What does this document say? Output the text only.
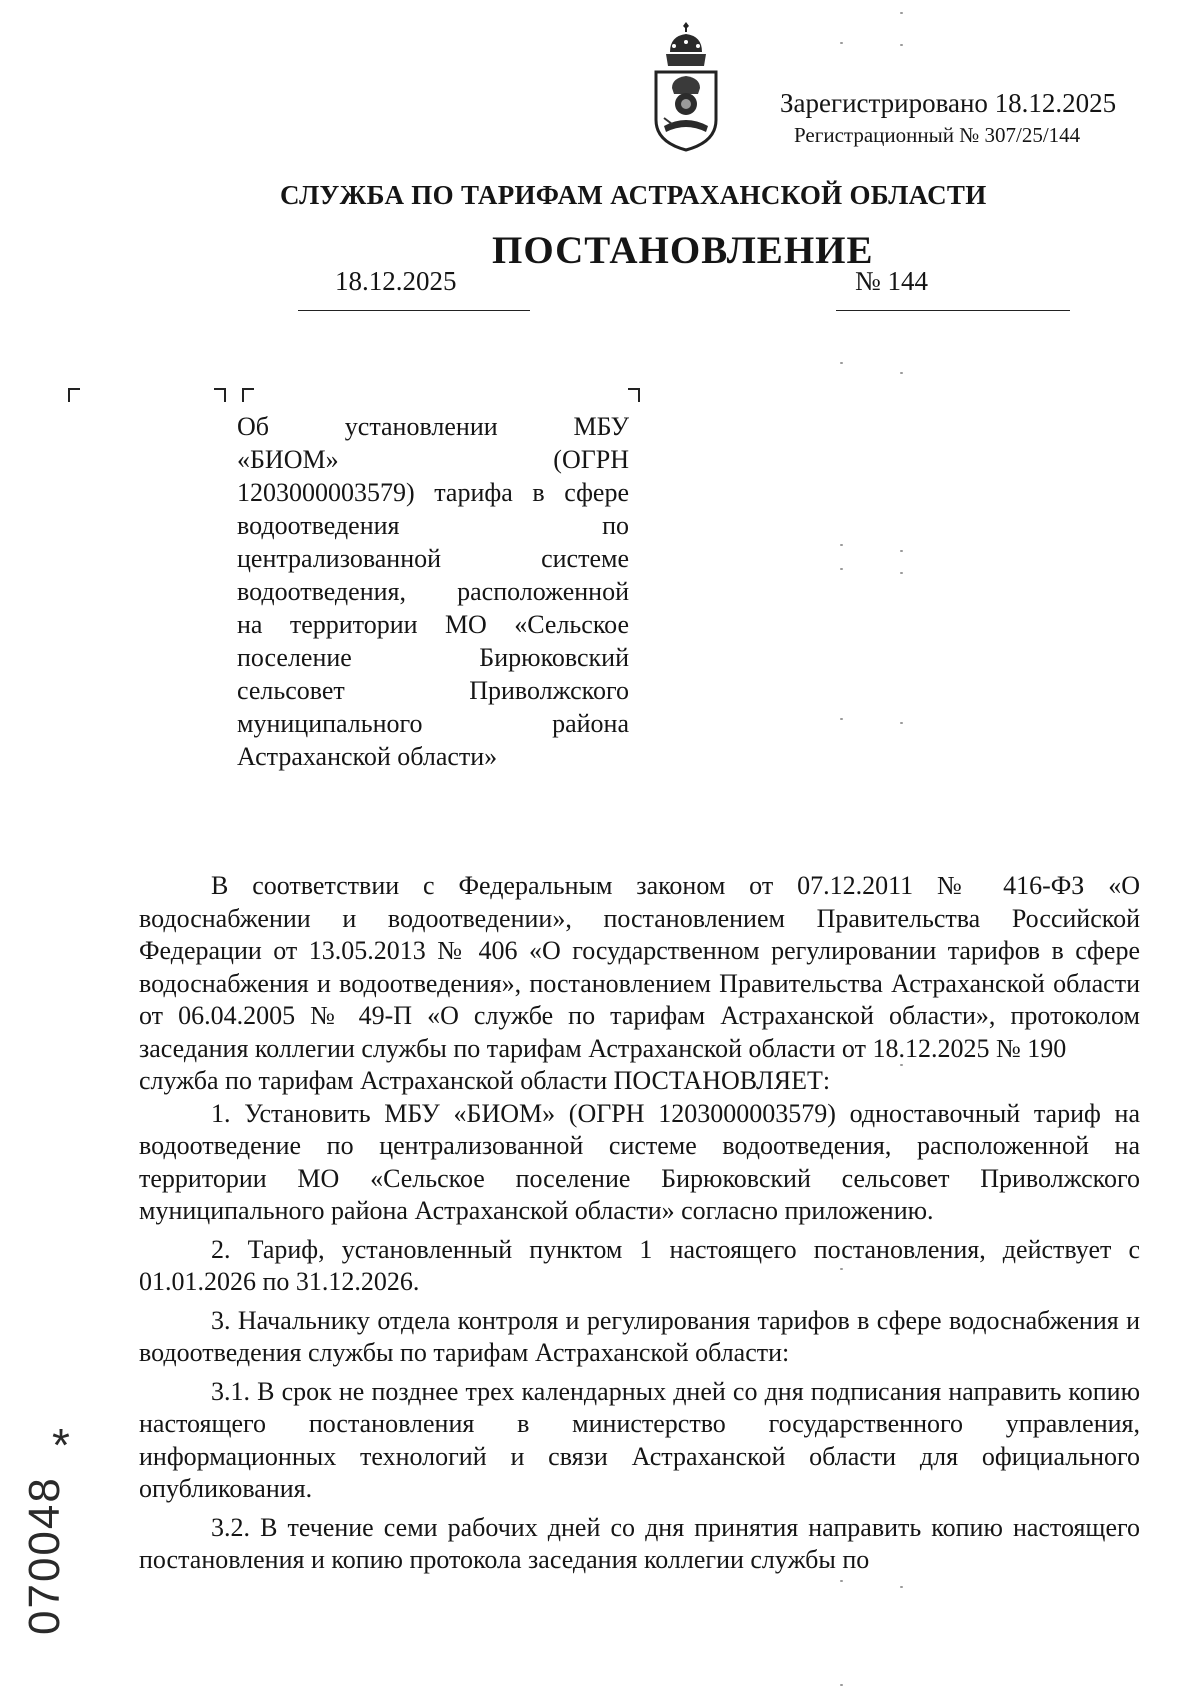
Зарегистрировано 18.12.2025
Регистрационный № 307/25/144
СЛУЖБА ПО ТАРИФАМ АСТРАХАНСКОЙ ОБЛАСТИ
ПОСТАНОВЛЕНИЕ
18.12.2025	№ 144
Об установлении МБУ
«БИОМ» (ОГРН
1203000003579) тарифа в сфере
водоотведения по
централизованной системе
водоотведения, расположенной
на территории МО «Сельское
поселение Бирюковский
сельсовет Приволжского
муниципального района
Астраханской области»

В соответствии с Федеральным законом от 07.12.2011 № 416-ФЗ «О водоснабжении и водоотведении», постановлением Правительства Российской Федерации от 13.05.2013 № 406 «О государственном регулировании тарифов в сфере водоснабжения и водоотведения», постановлением Правительства Астраханской области от 06.04.2005 № 49-П «О службе по тарифам Астраханской области», протоколом заседания коллегии службы по тарифам Астраханской области от 18.12.2025 № 190

служба по тарифам Астраханской области ПОСТАНОВЛЯЕТ:

1. Установить МБУ «БИОМ» (ОГРН 1203000003579) одноставочный тариф на водоотведение по централизованной системе водоотведения, расположенной на территории МО «Сельское поселение Бирюковский сельсовет Приволжского муниципального района Астраханской области» согласно приложению.

2. Тариф, установленный пунктом 1 настоящего постановления, действует с 01.01.2026 по 31.12.2026.

3. Начальнику отдела контроля и регулирования тарифов в сфере водоснабжения и водоотведения службы по тарифам Астраханской области:

3.1. В срок не позднее трех календарных дней со дня подписания направить копию настоящего постановления в министерство государственного управления, информационных технологий и связи Астраханской области для официального опубликования.

3.2. В течение семи рабочих дней со дня принятия направить копию настоящего постановления и копию протокола заседания коллегии службы по

*
070048
